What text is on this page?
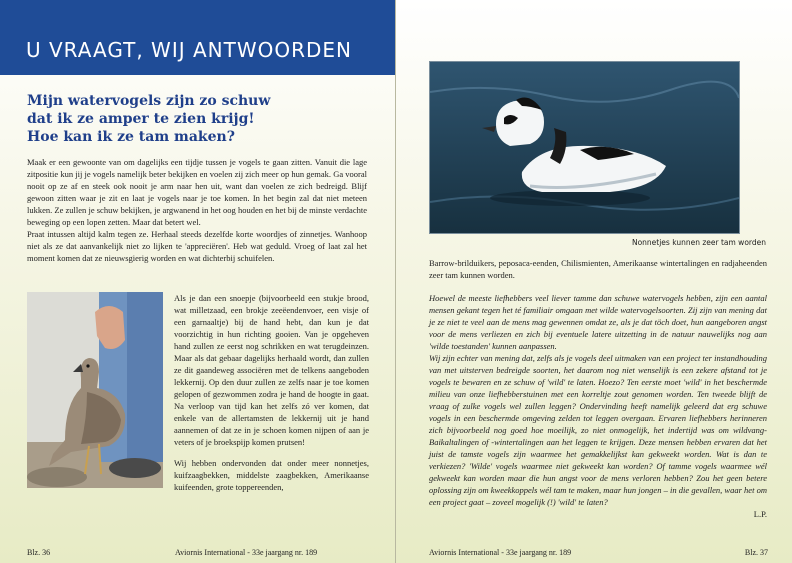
U VRAAGT, WIJ ANTWOORDEN
Mijn watervogels zijn zo schuw
dat ik ze amper te zien krijg!
Hoe kan ik ze tam maken?

Maak er een gewoonte van om dagelijks een tijdje tussen je vogels te gaan zitten. Vanuit die lage zitpositie kun jij je vogels namelijk beter bekijken en voelen zij zich meer op hun gemak. Ga vooral nooit op ze af en steek ook nooit je arm naar hen uit, want dan voelen ze zich bedreigd. Blijf gewoon zitten waar je zit en laat je vogels naar je toe komen. In het begin zal dat niet meteen lukken. Ze zullen je schuw bekijken, je argwanend in het oog houden en het bij de minste verdachte beweging op een lopen zetten. Maar dat betert wel.

Praat intussen altijd kalm tegen ze. Herhaal steeds dezelfde korte woordjes of zinnetjes. Wanhoop niet als ze dat aanvankelijk niet zo lijken te 'appreciëren'. Heb wat geduld. Vroeg of laat zal het moment komen dat ze nieuwsgierig worden en wat dichterbij schuifelen.

Als je dan een snoepje (bijvoorbeeld een stukje brood, wat milletzaad, een brokje zeeëendenvoer, een visje of een garnaaltje) bij de hand hebt, dan kun je dat voorzichtig in hun richting gooien. Van je opgeheven hand zullen ze eerst nog schrikken en wat terugdeinzen. Maar als dat gebaar dagelijks herhaald wordt, dan zullen ze dit gaandeweg associëren met de telkens aangeboden lekkernij. Op den duur zullen ze zelfs naar je toe komen gelopen of gezwommen zodra je hand de hoogte in gaat. Na verloop van tijd kan het zelfs zó ver komen, dat enkele van de allertamsten de lekkernij uit je hand aannemen of dat ze in je schoen komen nijpen of aan je veters of je broekspijp komen prutsen!

Wij hebben ondervonden dat onder meer nonnetjes, kuifzaagbekken, middelste zaagbekken, Amerikaanse kuifeenden, grote toppereenden,

Blz. 36	Aviornis International - 33e jaargang nr. 189
Nonnetjes kunnen zeer tam worden

Barrow-brilduikers, peposaca-eenden, Chilismienten, Amerikaanse wintertalingen en radjaheenden zeer tam kunnen worden.

Hoewel de meeste liefhebbers veel liever tamme dan schuwe watervogels hebben, zijn een aantal mensen gekant tegen het té familiair omgaan met wilde watervogelsoorten. Zij zijn van mening dat je ze niet te veel aan de mens mag gewennen omdat ze, als je dat töch doet, hun aangeboren angst voor de mens verliezen en zich bij eventuele latere uitzetting in de natuur nauwelijks nog aan 'wilde toestanden' kunnen aanpassen.

Wij zijn echter van mening dat, zelfs als je vogels deel uitmaken van een project ter instandhouding van met uitsterven bedreigde soorten, het daarom nog niet wenselijk is een zekere afstand tot je vogels te bewaren en ze schuw of 'wild' te laten. Hoezo? Ten eerste moet 'wild' in het beschermde milieu van onze liefhebberstuinen met een korreltje zout genomen worden. Ten tweede blijft de vraag of zulke vogels wel zullen leggen? Ondervinding heeft namelijk geleerd dat erg schuwe vogels in een beschermde omgeving zelden tot leggen overgaan. Ervaren liefhebbers herinneren zich bijvoorbeeld nog goed hoe moeilijk, zo niet onmogelijk, het indertijd was om wildvang-Baikaltalingen of -wintertalingen aan het leggen te krijgen. Deze mensen hebben ervaren dat het juist de tamste vogels zijn waarmee het gemakkelijkst kan gekweekt worden. Wat is dan te verkiezen? 'Wilde' vogels waarmee niet gekweekt kan worden? Of tamme vogels waarmee wél gekweekt kan worden maar die hun angst voor de mens verloren hebben? Zou het geen betere oplossing zijn om kweekkoppels wél tam te maken, maar hun jongen – in die gevallen, waar het om een project gaat – zoveel mogelijk (!) 'wild' te laten?

L.P.

Aviornis International - 33e jaargang nr. 189	Blz. 37
